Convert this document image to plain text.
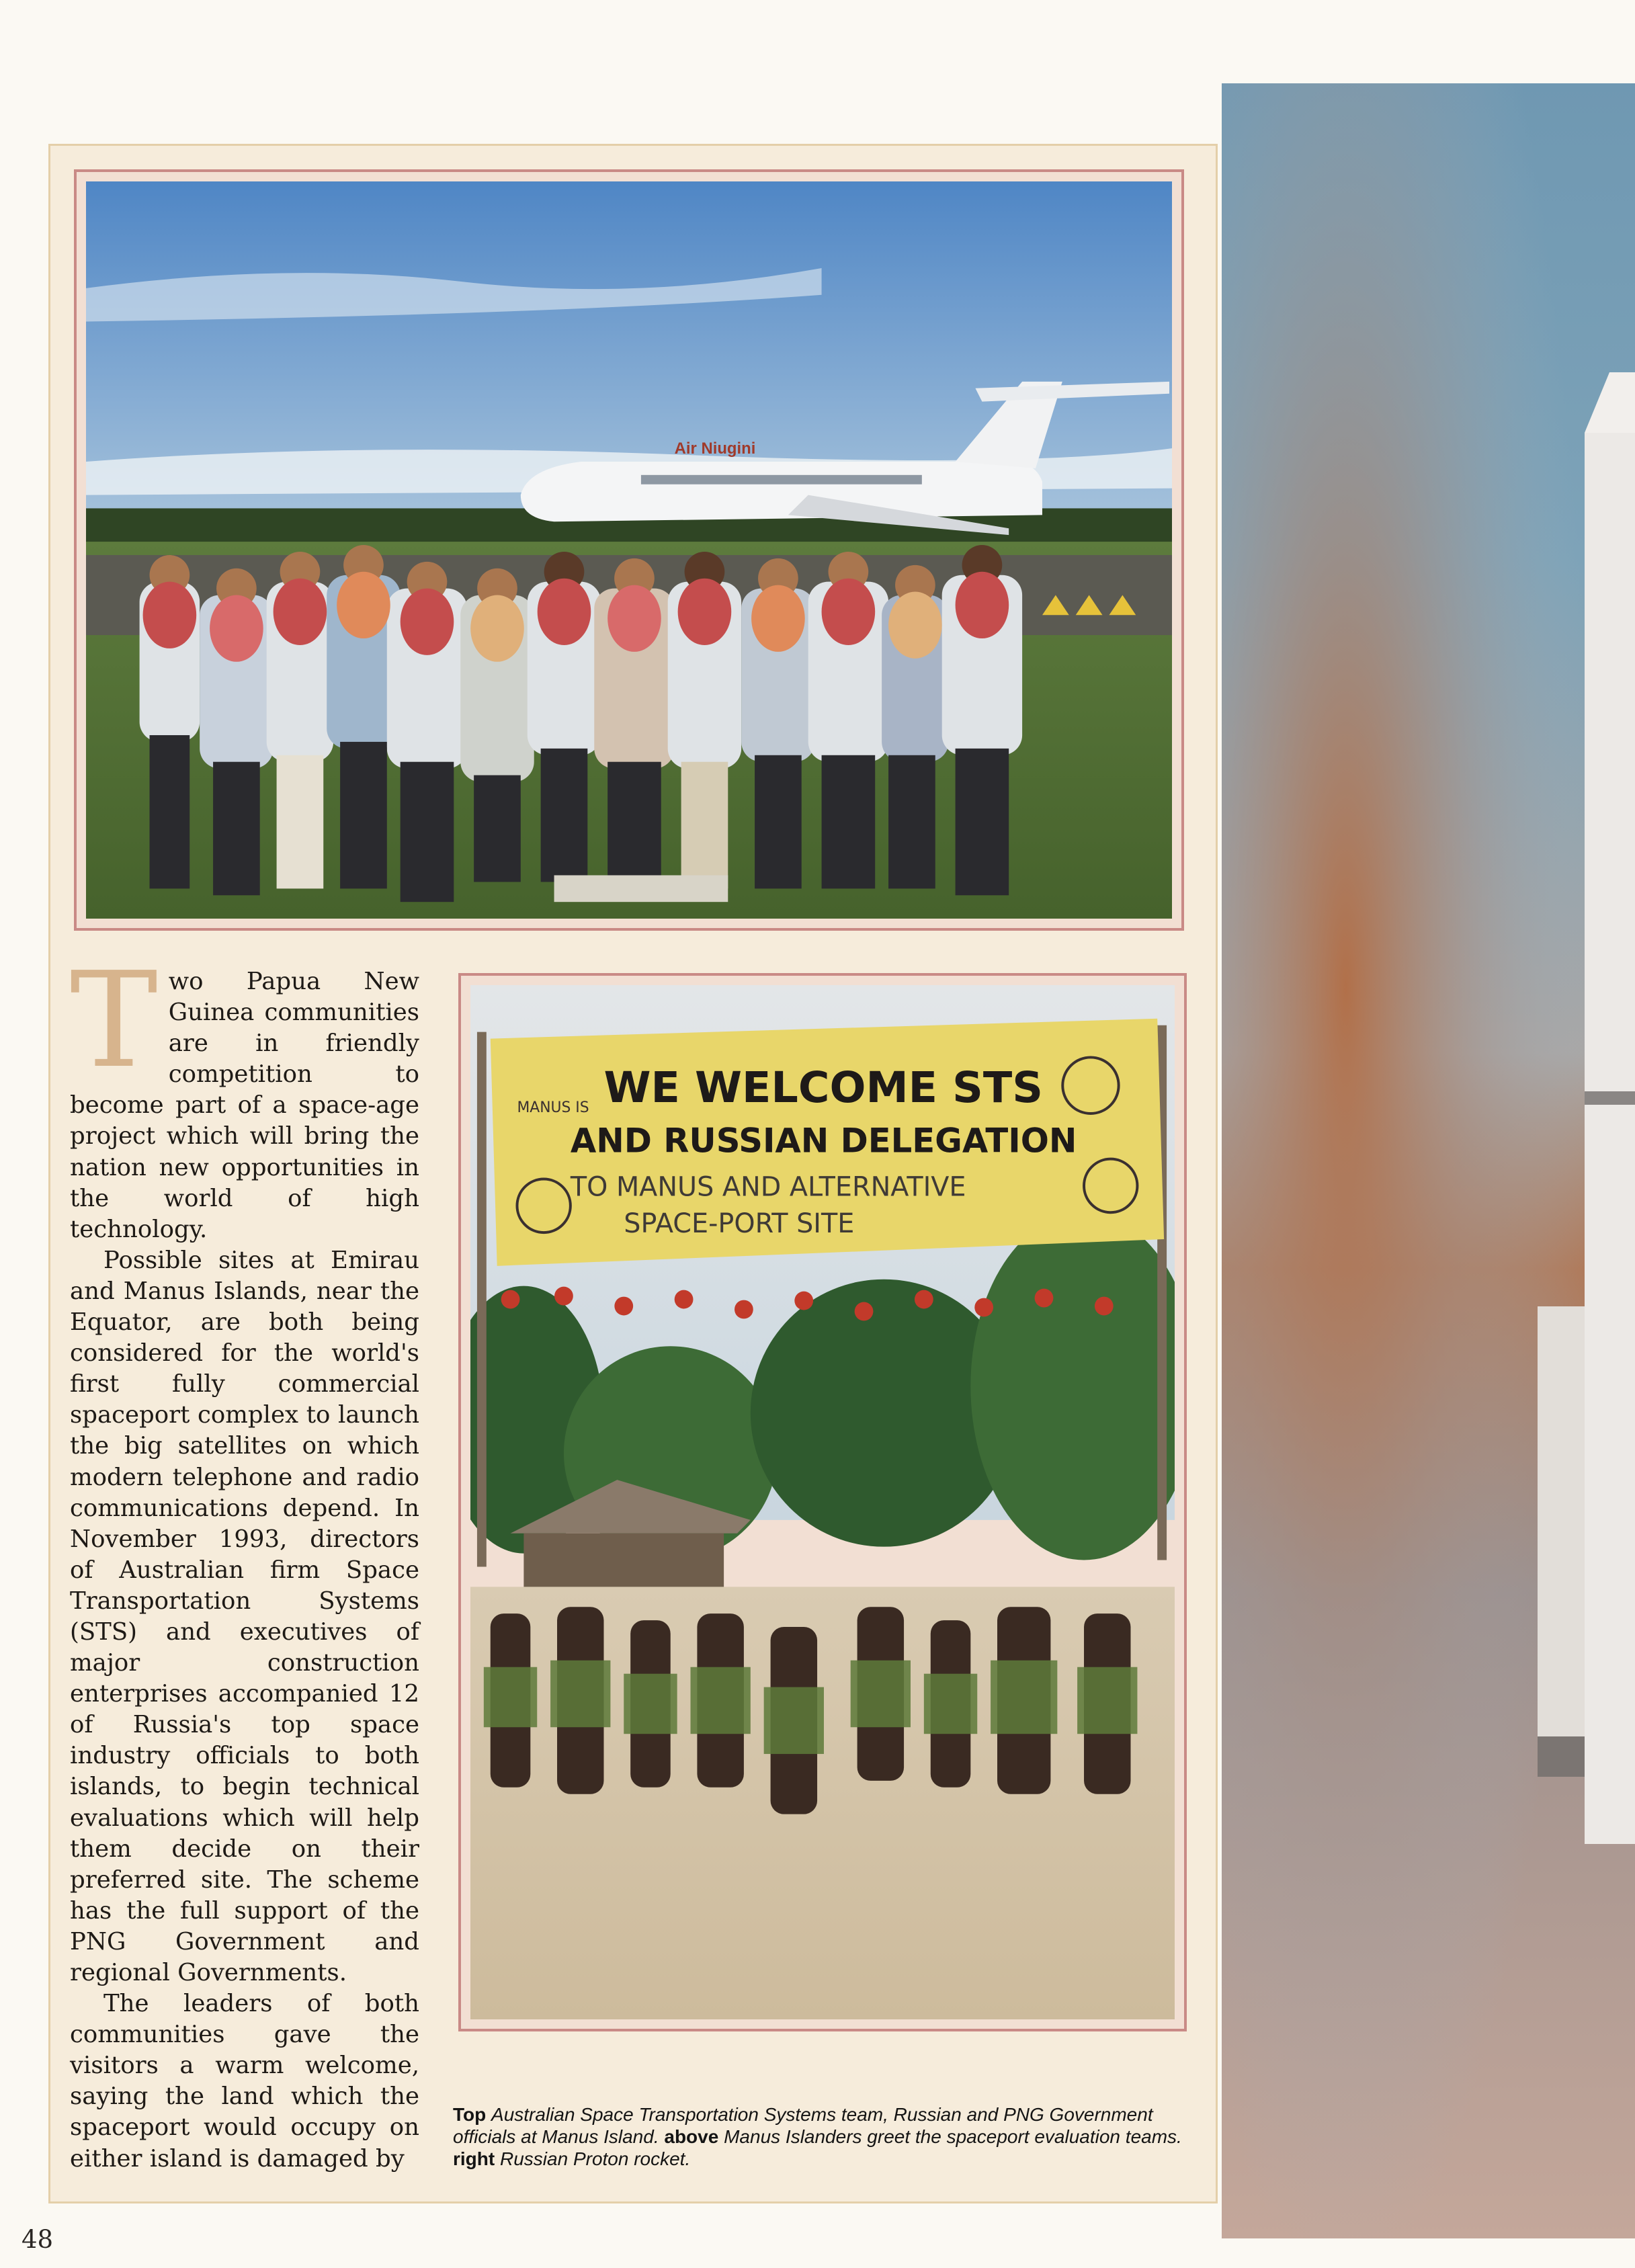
Air Niugini

Two Papua New Guinea communities are in friendly competition to become part of a space-age project which will bring the nation new opportunities in the world of high technology.

Possible sites at Emirau and Manus Islands, near the Equator, are both being considered for the world's first fully commercial spaceport complex to launch the big satellites on which modern telephone and radio communications depend. In November 1993, directors of Australian firm Space Transportation Systems (STS) and executives of major construction enterprises accompanied 12 of Russia's top space industry officials to both islands, to begin technical evaluations which will help them decide on their preferred site. The scheme has the full support of the PNG Government and regional Governments.

The leaders of both communities gave the visitors a warm welcome, saying the land which the spaceport would occupy on either island is damaged by

MANUS IS WE WELCOME STS
AND RUSSIAN DELEGATION
TO MANUS AND ALTERNATIVE
SPACE-PORT SITE
Top Australian Space Transportation Systems team, Russian and PNG Government officials at Manus Island. above Manus Islanders greet the spaceport evaluation teams. right Russian Proton rocket.
48
